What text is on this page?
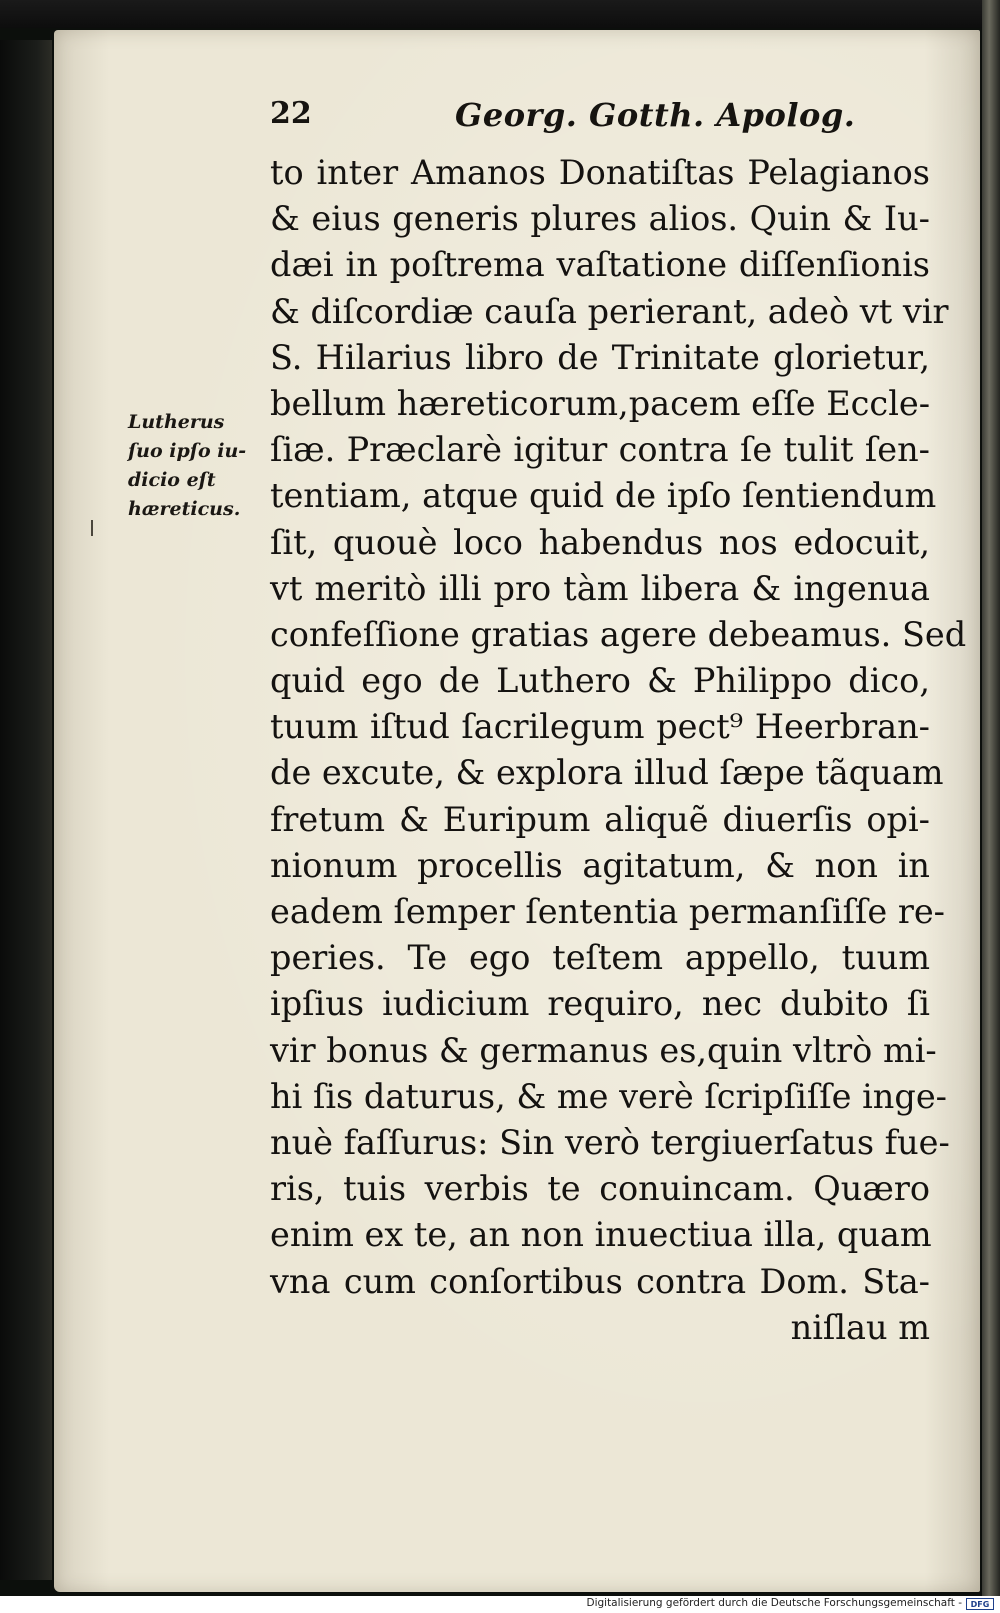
22	Georg. Gotth. Apolog.
Lutherus
ſuo ipſo iu-
dicio eſt
hæreticus.
to inter Amanos Donatiſtas Pelagianos
& eius generis plures alios. Quin & Iu-
dæi in poſtrema vaſtatione diſſenſionis
& diſcordiæ cauſa perierant, adeò vt vir
S. Hilarius libro de Trinitate glorietur,
bellum hæreticorum,pacem eſſe Eccle-
ſiæ. Præclarè igitur contra ſe tulit ſen-
tentiam, atque quid de ipſo ſentiendum
ſit, quouè loco habendus nos edocuit,
vt meritò illi pro tàm libera & ingenua
confeſſione gratias agere debeamus. Sed
quid ego de Luthero & Philippo dico,
tuum iſtud ſacrilegum pect⁹ Heerbran-
de excute, & explora illud ſæpe tãquam
fretum & Euripum aliquẽ diuerſis opi-
nionum procellis agitatum, & non in
eadem ſemper ſententia permanſiſſe re-
peries. Te ego teſtem appello, tuum
ipſius iudicium requiro, nec dubito ſi
vir bonus & germanus es,quin vltrò mi-
hi ſis daturus, & me verè ſcripſiſſe inge-
nuè faſſurus: Sin verò tergiuerſatus fue-
ris, tuis verbis te conuincam. Quæro
enim ex te, an non inuectiua illa, quam
vna cum conſortibus contra Dom. Sta-
niſlau m
Digitalisierung gefördert durch die Deutsche Forschungsgemeinschaft -	DFG
